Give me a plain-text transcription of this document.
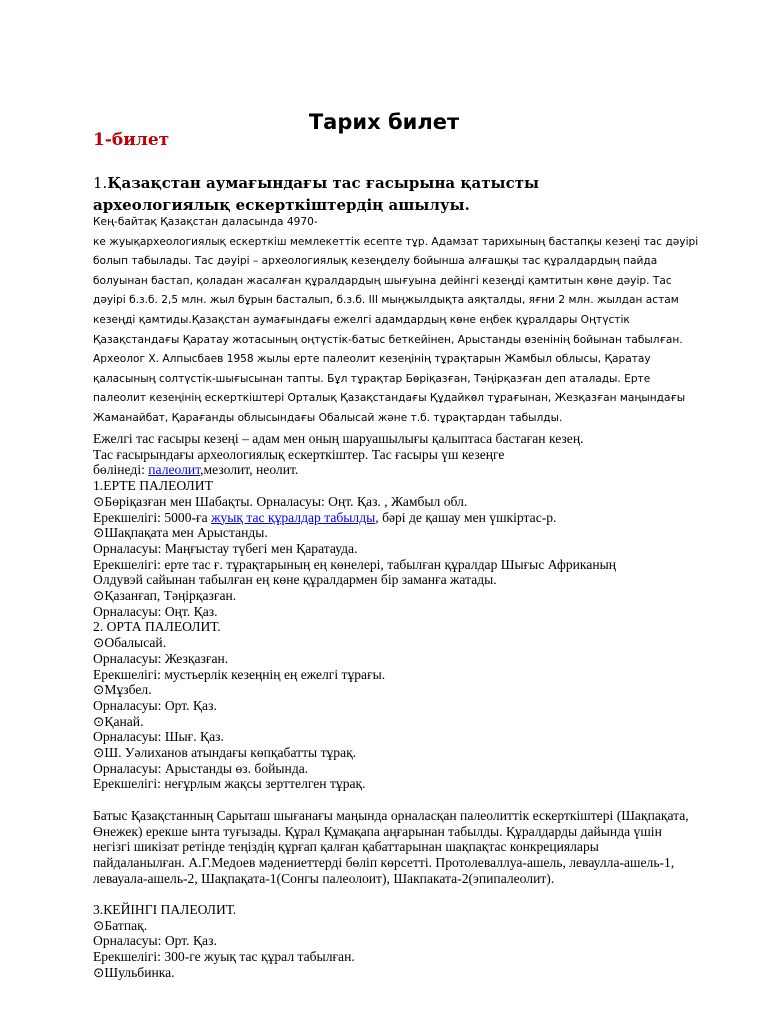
Тарих билет
1-билет
1.Қазақстан аумағындағы тас ғасырына қатысты
археологиялық ескерткіштердің ашылуы.
Кең-байтақ Қазақстан даласында 4970-
ке жуықархеологиялық ескерткіш мемлекеттік есепте тұр. Адамзат тарихының бастапқы кезеңі тас дәуірі
болып табылады. Тас дәуірі – археологиялық кезеңделу бойынша алғашқы тас құралдардың пайда
болуынан бастап, қоладан жасалған құралдардың шығуына дейінгі кезеңді қамтитын көне дәуір. Тас
дәуірі б.з.б. 2,5 млн. жыл бұрын басталып, б.з.б. ІІІ мыңжылдықта аяқталды, яғни 2 млн. жылдан астам
кезеңді қамтиды.Қазақстан аумағындағы ежелгі адамдардың көне еңбек құралдары Оңтүстік
Қазақстандағы Қаратау жотасының оңтүстік-батыс беткейінен, Арыстанды өзенінің бойынан табылған.
Археолог Х. Алпысбаев 1958 жылы ерте палеолит кезеңінің тұрақтарын Жамбыл облысы, Қаратау
қаласының солтүстік-шығысынан тапты. Бұл тұрақтар Бөріқазған, Тәңірқазған деп аталады. Ерте
палеолит кезеңінің ескерткіштері Орталық Қазақстандағы Құдайкөл тұрағынан, Жезқазған маңындағы
Жаманайбат, Қарағанды облысындағы Обалысай және т.б. тұрақтардан табылды.
Ежелгі тас ғасыры кезеңі – адам мен оның шаруашылығы қалыптаса бастаған кезең.
Тас ғасырындағы археологиялық ескерткіштер. Тас ғасыры үш кезеңге
бөлінеді: палеолит,мезолит, неолит.
1.ЕРТЕ ПАЛЕОЛИТ
⊙Бөріқазған мен Шабақты. Орналасуы: Оңт. Қаз. , Жамбыл обл.
Ерекшелігі: 5000-ға жуық тас құралдар табылды, бәрі де қашау мен үшкіртас-р.
⊙Шақпақата мен Арыстанды.
Орналасуы: Маңғыстау түбегі мен Қаратауда.
Ерекшелігі: ерте тас ғ. тұрақтарының ең көнелері, табылған құралдар Шығыс Африканың
Олдувэй сайынан табылған ең көне құралдармен бір заманға жатады.
⊙Қазанғап, Тәңірқазған.
Орналасуы: Оңт. Қаз.
2. ОРТА ПАЛЕОЛИТ.
⊙Обалысай.
Орналасуы: Жезқазған.
Ерекшелігі: мустьерлік кезеңнің ең ежелгі тұрағы.
⊙Мұзбел.
Орналасуы: Орт. Қаз.
⊙Қанай.
Орналасуы: Шығ. Қаз.
⊙Ш. Уәлиханов атындағы көпқабатты тұрақ.
Орналасуы: Арыстанды өз. бойында.
Ерекшелігі: неғұрлым жақсы зерттелген тұрақ.
Батыс Қазақстанның Сарыташ шығанағы маңында орналасқан палеолиттік ескерткіштері (Шақпақата, Өнежек) ерекше ынта туғызады. Құрал Құмақапа аңғарынан табылды. Құралдарды дайында үшін негізгі шикізат ретінде теңіздің құрғап қалған қабаттарынан шақпақтас конкрециялары пайдаланылған. А.Г.Медоев мәдениеттерді бөліп көрсетті. Протолеваллуа-ашель, леваулла-ашель-1, левауала-ашель-2, Шақпақата-1(Сонгы палеолоит), Шакпаката-2(эпипалеолит).
3.КЕЙІНГІ ПАЛЕОЛИТ.
⊙Батпақ.
Орналасуы: Орт. Қаз.
Ерекшелігі: 300-ге жуық тас құрал табылған.
⊙Шульбинка.
